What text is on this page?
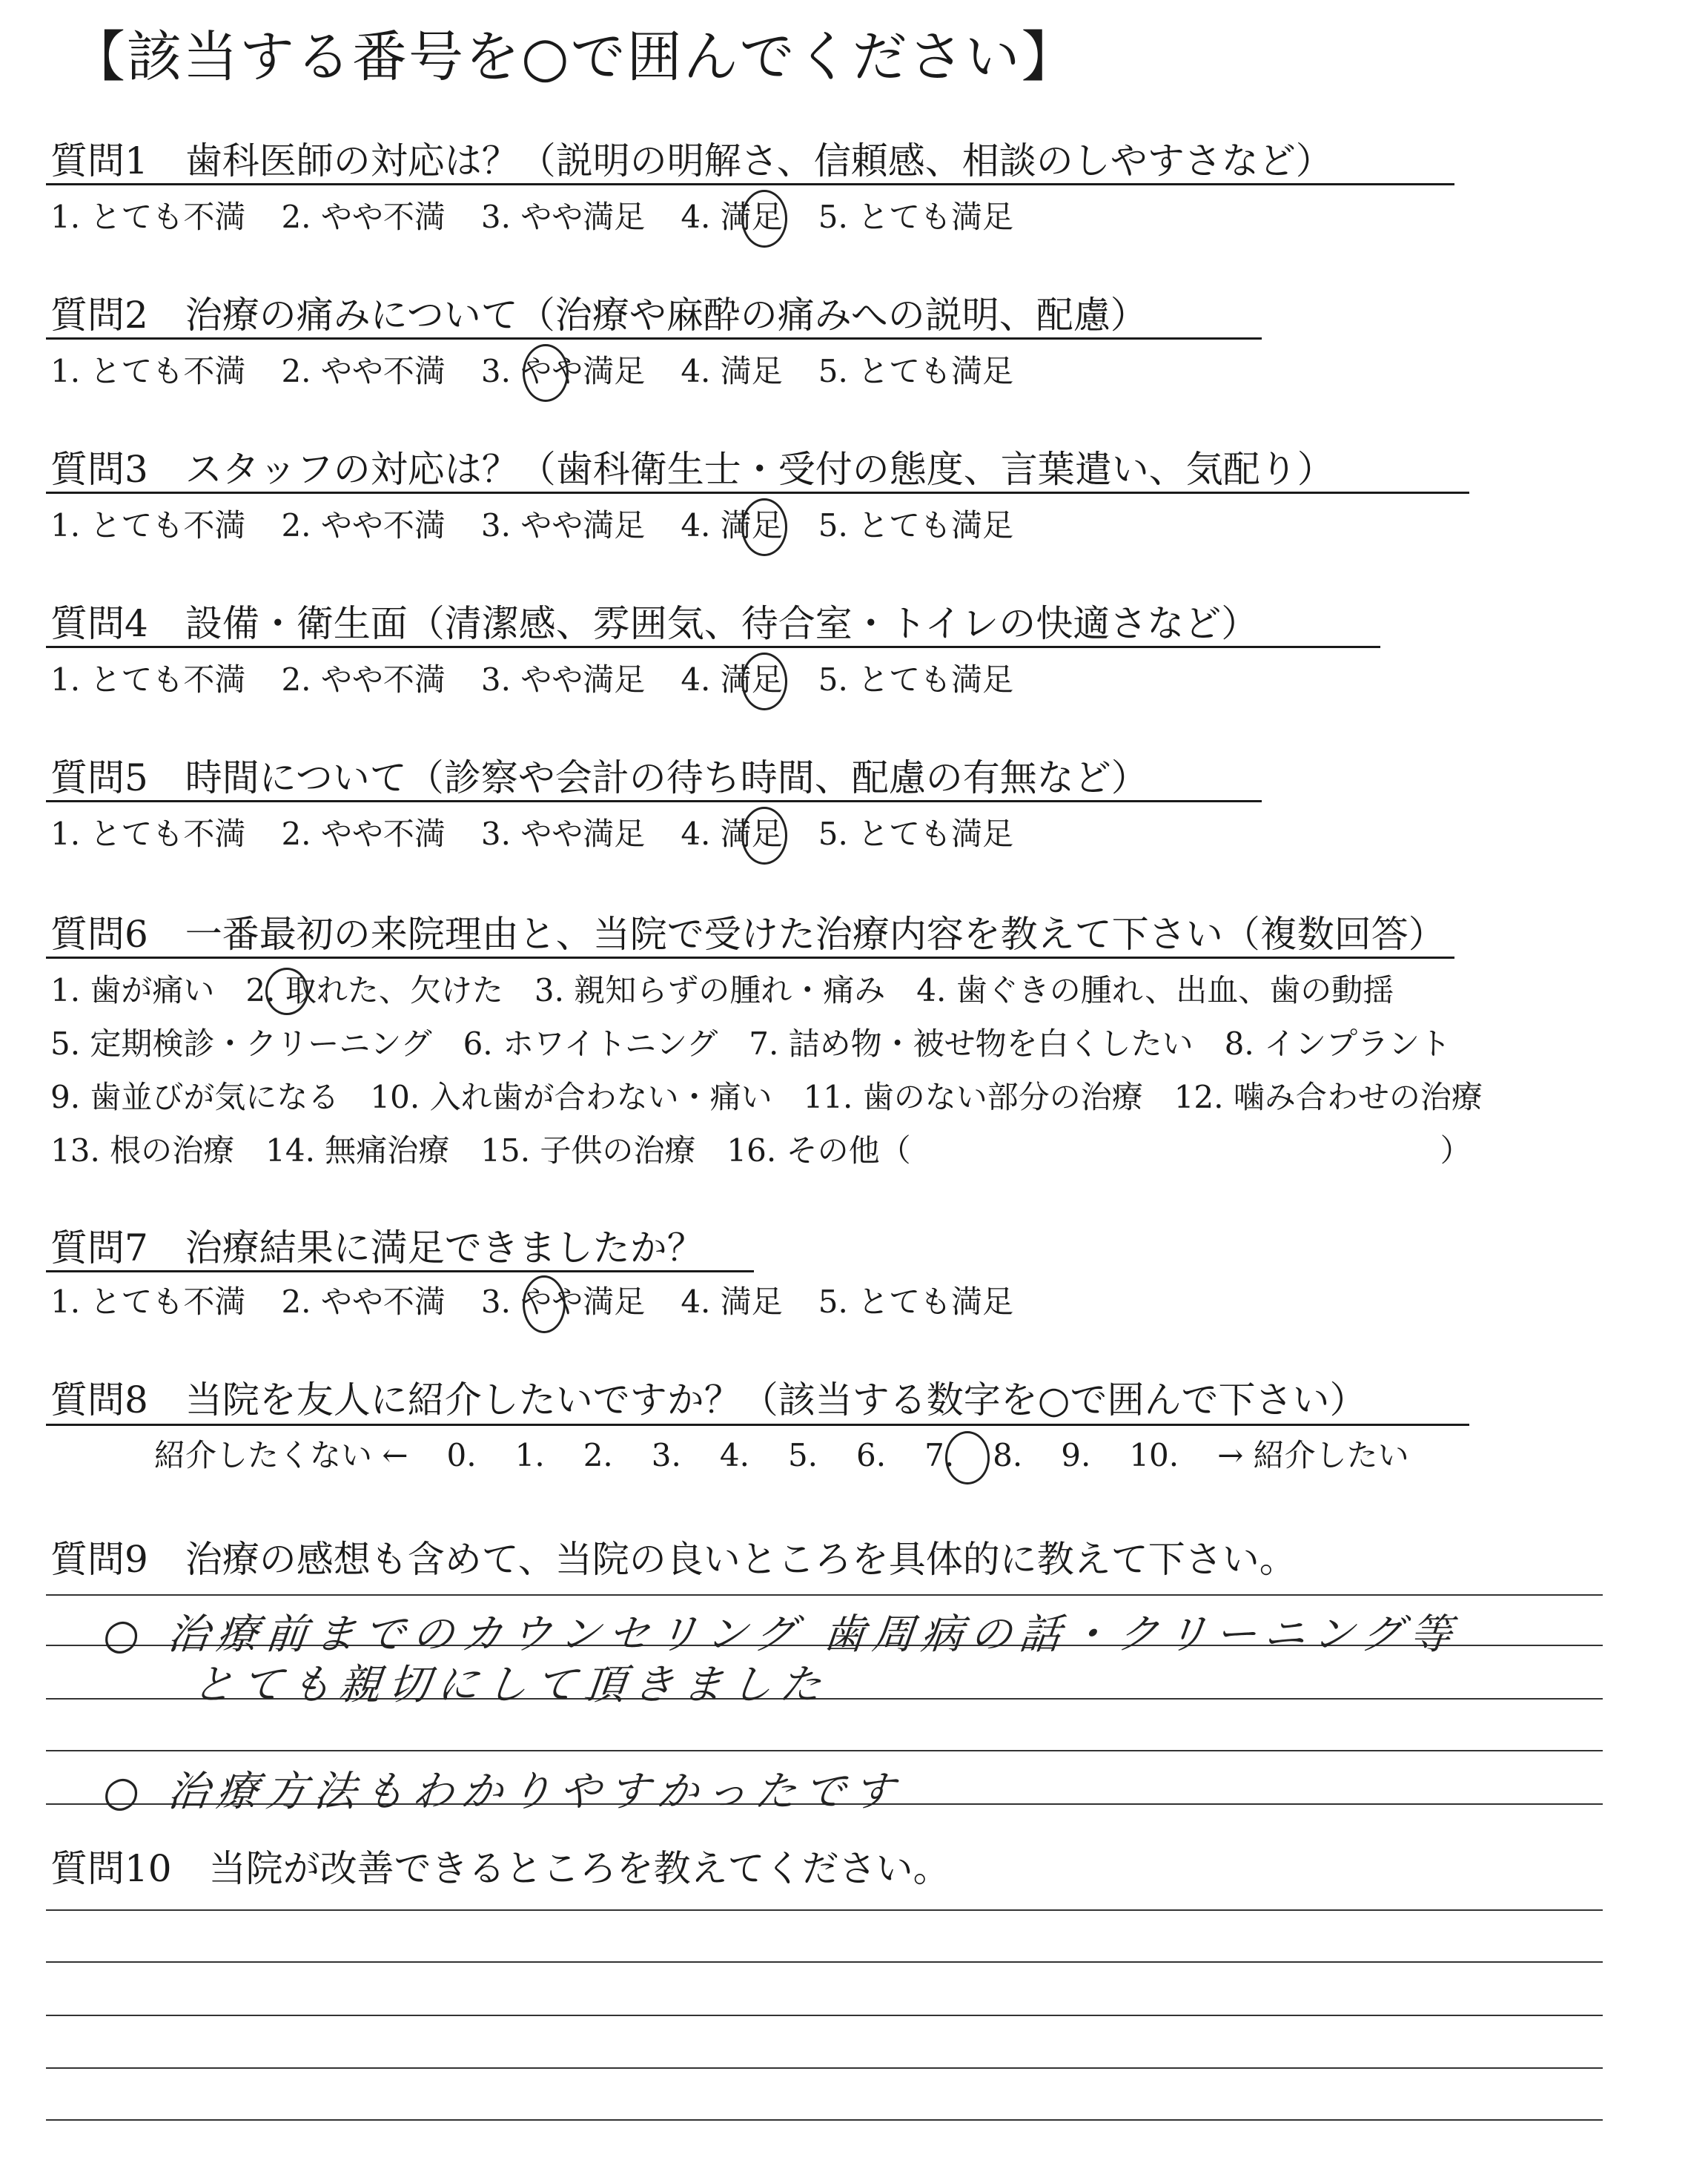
【該当する番号を○で囲んでください】
質問1　歯科医師の対応は？（説明の明解さ、信頼感、相談のしやすさなど）
1. とても不満 2. やや不満 3. やや満足 4. 満足 5. とても満足
質問2　治療の痛みについて（治療や麻酔の痛みへの説明、配慮）
1. とても不満 2. やや不満 3. やや満足 4. 満足 5. とても満足
質問3　スタッフの対応は？（歯科衛生士・受付の態度、言葉遣い、気配り）
1. とても不満 2. やや不満 3. やや満足 4. 満足 5. とても満足
質問4　設備・衛生面（清潔感、雰囲気、待合室・トイレの快適さなど）
1. とても不満 2. やや不満 3. やや満足 4. 満足 5. とても満足
質問5　時間について（診察や会計の待ち時間、配慮の有無など）
1. とても不満 2. やや不満 3. やや満足 4. 満足 5. とても満足
質問6　一番最初の来院理由と、当院で受けた治療内容を教えて下さい（複数回答）
1. 歯が痛い　2. 取れた、欠けた　3. 親知らずの腫れ・痛み　4. 歯ぐきの腫れ、出血、歯の動揺
5. 定期検診・クリーニング　6. ホワイトニング　7. 詰め物・被せ物を白くしたい　8. インプラント
9. 歯並びが気になる　10. 入れ歯が合わない・痛い　11. 歯のない部分の治療　12. 噛み合わせの治療
13. 根の治療　14. 無痛治療　15. 子供の治療　16. その他（　　　　　　　　　　　　　　　　　）
質問7　治療結果に満足できましたか？
1. とても不満 2. やや不満 3. やや満足 4. 満足 5. とても満足
質問8　当院を友人に紹介したいですか？（該当する数字を○で囲んで下さい）
紹介したくない ← 0. 1. 2. 3. 4. 5. 6. 7. 8. 9. 10. → 紹介したい
質問9　治療の感想も含めて、当院の良いところを具体的に教えて下さい。
○ 治療前までのカウンセリング 歯周病の話・クリーニング等
とても親切にして頂きました
○ 治療方法もわかりやすかったです
質問10　当院が改善できるところを教えてください。
